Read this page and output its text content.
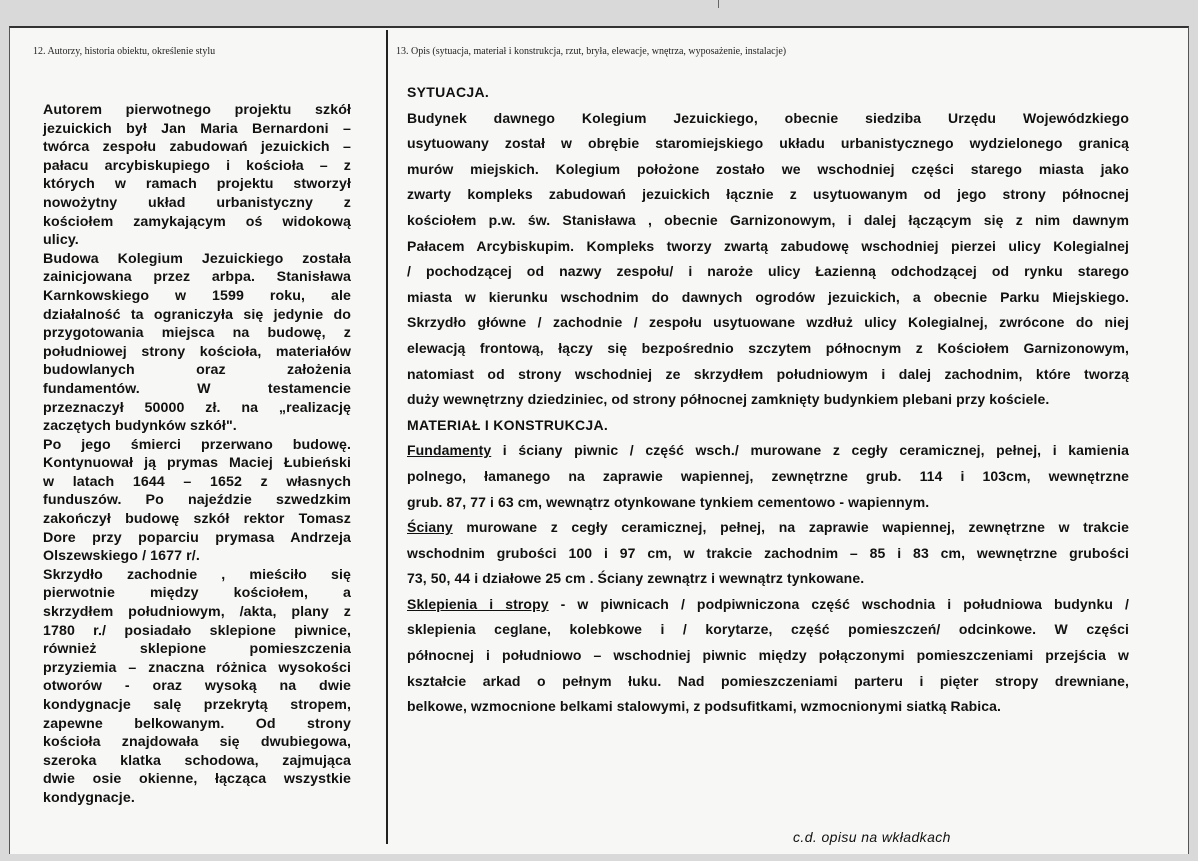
12. Autorzy, historia obiektu, określenie stylu	13. Opis (sytuacja, materiał i konstrukcja, rzut, bryła, elewacje, wnętrza, wyposażenie, instalacje)
Autorem pierwotnego projektu szkół
jezuickich był Jan Maria Bernardoni –
twórca zespołu zabudowań jezuickich –
pałacu arcybiskupiego i kościoła – z
których w ramach projektu stworzył
nowożytny układ urbanistyczny z
kościołem zamykającym oś widokową
ulicy.
Budowa Kolegium Jezuickiego została
zainicjowana przez arbpa. Stanisława
Karnkowskiego w 1599 roku, ale
działalność ta ograniczyła się jedynie do
przygotowania miejsca na budowę, z
południowej strony kościoła, materiałów
budowlanych oraz założenia
fundamentów. W testamencie
przeznaczył 50000 zł. na „realizację
zaczętych budynków szkół".
Po jego śmierci przerwano budowę.
Kontynuował ją prymas Maciej Łubieński
w latach 1644 – 1652 z własnych
funduszów. Po najeździe szwedzkim
zakończył budowę szkół rektor Tomasz
Dore przy poparciu prymasa Andrzeja
Olszewskiego / 1677 r/.
Skrzydło zachodnie , mieściło się
pierwotnie między kościołem, a
skrzydłem południowym, /akta, plany z
1780 r./ posiadało sklepione piwnice,
również sklepione pomieszczenia
przyziemia – znaczna różnica wysokości
otworów - oraz wysoką na dwie
kondygnacje salę przekrytą stropem,
zapewne belkowanym. Od strony
kościoła znajdowała się dwubiegowa,
szeroka klatka schodowa, zajmująca
dwie osie okienne, łącząca wszystkie
kondygnacje.
SYTUACJA.
Budynek dawnego Kolegium Jezuickiego, obecnie siedziba Urzędu Wojewódzkiego
usytuowany został w obrębie staromiejskiego układu urbanistycznego wydzielonego granicą
murów miejskich. Kolegium położone zostało we wschodniej części starego miasta jako
zwarty kompleks zabudowań jezuickich łącznie z usytuowanym od jego strony północnej
kościołem p.w. św. Stanisława , obecnie Garnizonowym, i dalej łączącym się z nim dawnym
Pałacem Arcybiskupim. Kompleks tworzy zwartą zabudowę wschodniej pierzei ulicy Kolegialnej
/ pochodzącej od nazwy zespołu/ i naroże ulicy Łazienną odchodzącej od rynku starego
miasta w kierunku wschodnim do dawnych ogrodów jezuickich, a obecnie Parku Miejskiego.
Skrzydło główne / zachodnie / zespołu usytuowane wzdłuż ulicy Kolegialnej, zwrócone do niej
elewacją frontową, łączy się bezpośrednio szczytem północnym z Kościołem Garnizonowym,
natomiast od strony wschodniej ze skrzydłem południowym i dalej zachodnim, które tworzą
duży wewnętrzny dziedziniec, od strony północnej zamknięty budynkiem plebani przy kościele.
MATERIAŁ I KONSTRUKCJA.
Fundamenty i ściany piwnic / część wsch./ murowane z cegły ceramicznej, pełnej, i kamienia
polnego, łamanego na zaprawie wapiennej, zewnętrzne grub. 114 i 103cm, wewnętrzne
grub. 87, 77 i 63 cm, wewnątrz otynkowane tynkiem cementowo - wapiennym.
Ściany murowane z cegły ceramicznej, pełnej, na zaprawie wapiennej, zewnętrzne w trakcie
wschodnim grubości 100 i 97 cm, w trakcie zachodnim – 85 i 83 cm, wewnętrzne grubości
73, 50, 44 i działowe 25 cm . Ściany zewnątrz i wewnątrz tynkowane.
Sklepienia i stropy - w piwnicach / podpiwniczona część wschodnia i południowa budynku /
sklepienia ceglane, kolebkowe i / korytarze, część pomieszczeń/ odcinkowe. W części
północnej i południowo – wschodniej piwnic między połączonymi pomieszczeniami przejścia w
kształcie arkad o pełnym łuku. Nad pomieszczeniami parteru i pięter stropy drewniane,
belkowe, wzmocnione belkami stalowymi, z podsufitkami, wzmocnionymi siatką Rabica.
c.d. opisu na wkładkach
